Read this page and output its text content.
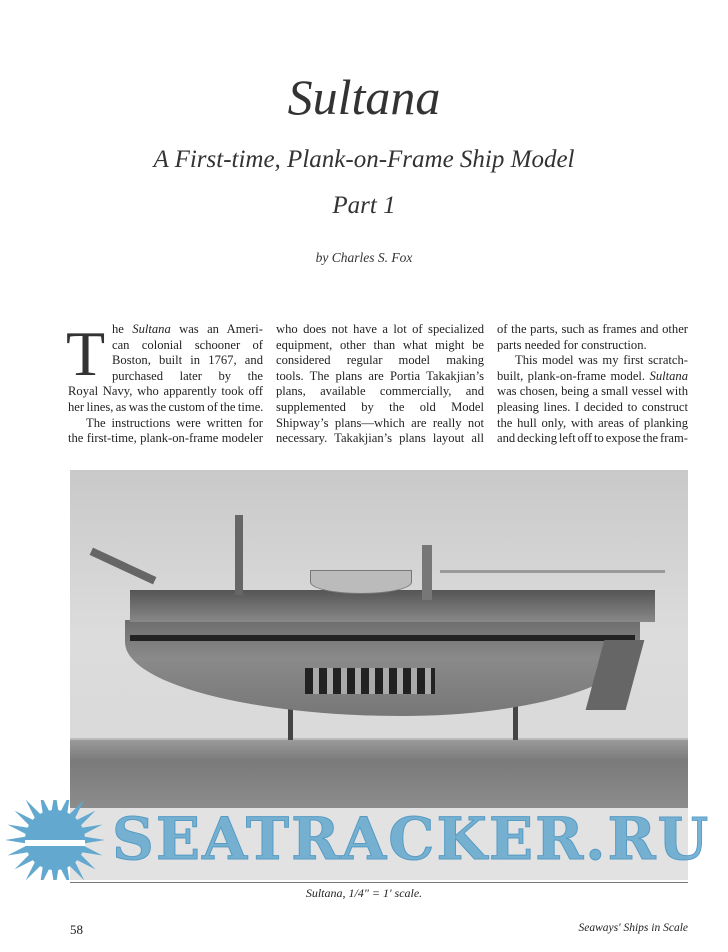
Sultana
A First-time, Plank-on-Frame Ship Model
Part 1
by Charles S. Fox
T he Sultana was an Ameri-
can colonial schooner of
Boston, built in 1767, and
purchased later by the
Royal Navy, who apparently took off
her lines, as was the custom of the time.
The instructions were written for
the first-time, plank-on-frame modeler
who does not have a lot of specialized
equipment, other than what might be
considered regular model making
tools. The plans are Portia Takakjian’s
plans, available commercially, and
supplemented by the old Model
Shipway’s plans—which are really not
necessary. Takakjian’s plans layout all
of the parts, such as frames and other
parts needed for construction.
This model was my first scratch-
built, plank-on-frame model. Sultana
was chosen, being a small vessel with
pleasing lines. I decided to construct
the hull only, with areas of planking
and decking left off to expose the fram-
SEATRACKER.RU
Sultana, 1/4" = 1' scale.
58	Seaways' Ships in Scale
